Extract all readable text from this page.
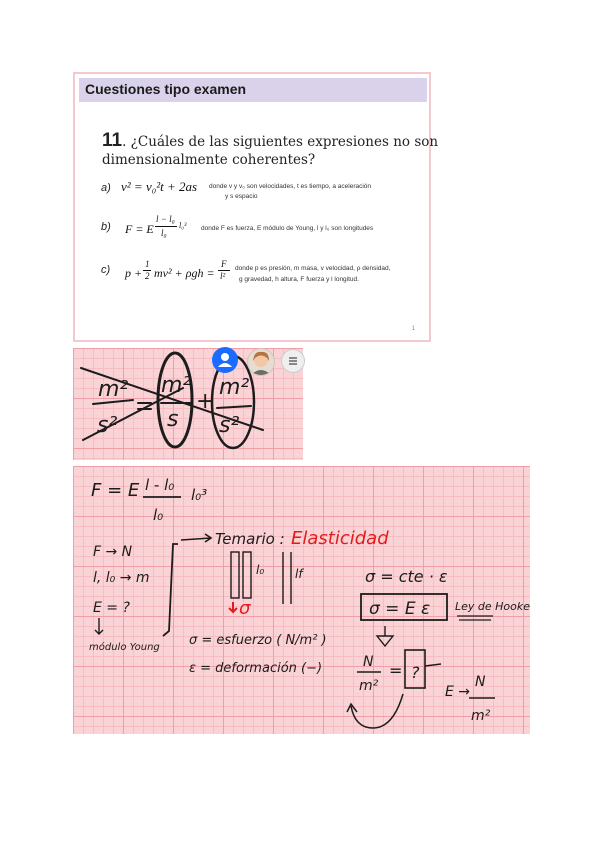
Cuestiones tipo examen
11. ¿Cuáles de las siguientes expresiones no son
dimensionalmente coherentes?
a) v² = v₀²t + 2as donde v y v₀ son velocidades, t es tiempo, a aceleración
y s espacio
b) F = E
l − l₀
l₀
l₀³ donde F es fuerza, E módulo de Young, l y l₀ son longitudes
c) p +
1
2 mv² + ρgh =
F
l²
donde p es presión, m masa, v velocidad, ρ densidad,
g gravedad, h altura, F fuerza y l longitud.
1
m²
s²
m²
s
+
m²
s²
F = E l - l₀
l₀
l₀³
Temario : Elasticidad
F → N
l, l₀ → m
E = ?
módulo Young
l₀	lf
σ
σ = esfuerzo ( N/m² )
ε = deformación (−)
σ = cte · ε
σ = E ε Ley de Hooke
N
m²
= ?
E →
N
m²
